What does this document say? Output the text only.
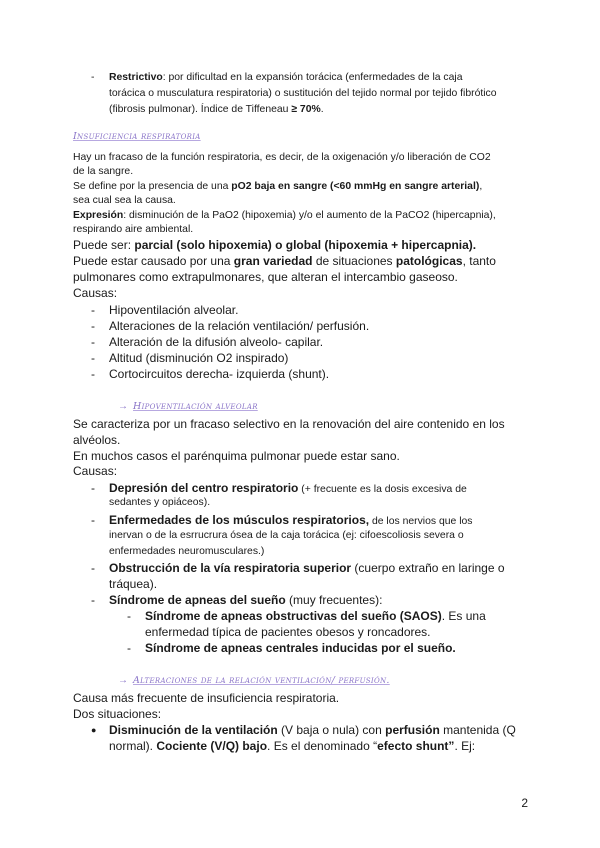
- Restrictivo: por dificultad en la expansión torácica (enfermedades de la caja

torácica o musculatura respiratoria) o sustitución del tejido normal por tejido fibrótico

(fibrosis pulmonar). Índice de Tiffeneau ≥ 70%.

Insuficiencia respiratoria

Hay un fracaso de la función respiratoria, es decir, de la oxigenación y/o liberación de CO2

de la sangre.

Se define por la presencia de una pO2 baja en sangre (<60 mmHg en sangre arterial),

sea cual sea la causa.

Expresión: disminución de la PaO2 (hipoxemia) y/o el aumento de la PaCO2 (hipercapnia),

respirando aire ambiental.

Puede ser: parcial (solo hipoxemia) o global (hipoxemia + hipercapnia).

Puede estar causado por una gran variedad de situaciones patológicas, tanto

pulmonares como extrapulmonares, que alteran el intercambio gaseoso.

Causas:

- Hipoventilación alveolar.

- Alteraciones de la relación ventilación/ perfusión.

- Alteración de la difusión alveolo- capilar.

- Altitud (disminución O2 inspirado)

- Cortocircuitos derecha- izquierda (shunt).

→ Hipoventilación alveolar

Se caracteriza por un fracaso selectivo en la renovación del aire contenido en los

alvéolos.

En muchos casos el parénquima pulmonar puede estar sano.

Causas:

- Depresión del centro respiratorio (+ frecuente es la dosis excesiva de

sedantes y opiáceos).

- Enfermedades de los músculos respiratorios, de los nervios que los

inervan o de la esrrucrura ósea de la caja torácica (ej: cifoescoliosis severa o

enfermedades neuromusculares.)

- Obstrucción de la vía respiratoria superior (cuerpo extraño en laringe o

tráquea).

- Síndrome de apneas del sueño (muy frecuentes):

- Síndrome de apneas obstructivas del sueño (SAOS). Es una

enfermedad típica de pacientes obesos y roncadores.

- Síndrome de apneas centrales inducidas por el sueño.

→ Alteraciones de la relación ventilación/ perfusión.

Causa más frecuente de insuficiencia respiratoria.

Dos situaciones:

● Disminución de la ventilación (V baja o nula) con perfusión mantenida (Q

normal). Cociente (V/Q) bajo. Es el denominado “efecto shunt”. Ej:

2
